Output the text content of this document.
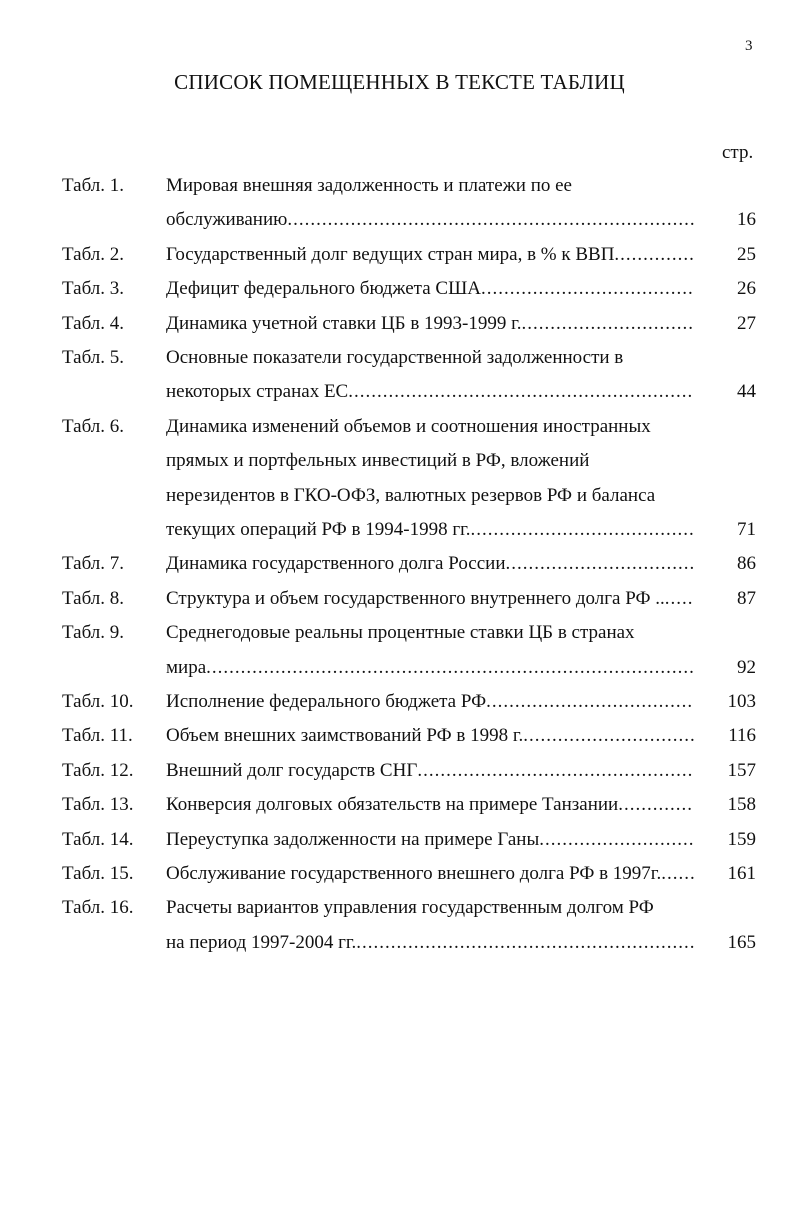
3
СПИСОК ПОМЕЩЕННЫХ В ТЕКСТЕ ТАБЛИЦ
стр.
Табл. 1. Мировая внешняя задолженность и платежи по ее
обслуживанию .....	16
Табл. 2. Государственный долг ведущих стран мира, в % к ВВП .....	25
Табл. 3. Дефицит федерального бюджета США .....	26
Табл. 4. Динамика учетной ставки ЦБ в 1993-1999 г. .....	27
Табл. 5. Основные показатели государственной задолженности в
некоторых странах ЕС .....	44
Табл. 6. Динамика изменений объемов и соотношения иностранных
прямых и портфельных инвестиций в РФ, вложений
нерезидентов в ГКО-ОФЗ, валютных резервов РФ и баланса
текущих операций РФ в 1994-1998 гг. .....	71
Табл. 7. Динамика государственного долга России .....	86
Табл. 8. Структура и объем государственного внутреннего долга РФ .. .....	87
Табл. 9. Среднегодовые реальны процентные ставки ЦБ в странах
мира .....	92
Табл. 10. Исполнение федерального бюджета РФ .....	103
Табл. 11. Объем внешних заимствований РФ в 1998 г. .....	116
Табл. 12. Внешний долг государств СНГ .....	157
Табл. 13. Конверсия долговых обязательств на примере Танзании .....	158
Табл. 14. Переуступка задолженности на примере Ганы .....	159
Табл. 15. Обслуживание государственного внешнего долга РФ в 1997г. .....	161
Табл. 16. Расчеты вариантов управления государственным долгом РФ
на период 1997-2004 гг. .....	165
